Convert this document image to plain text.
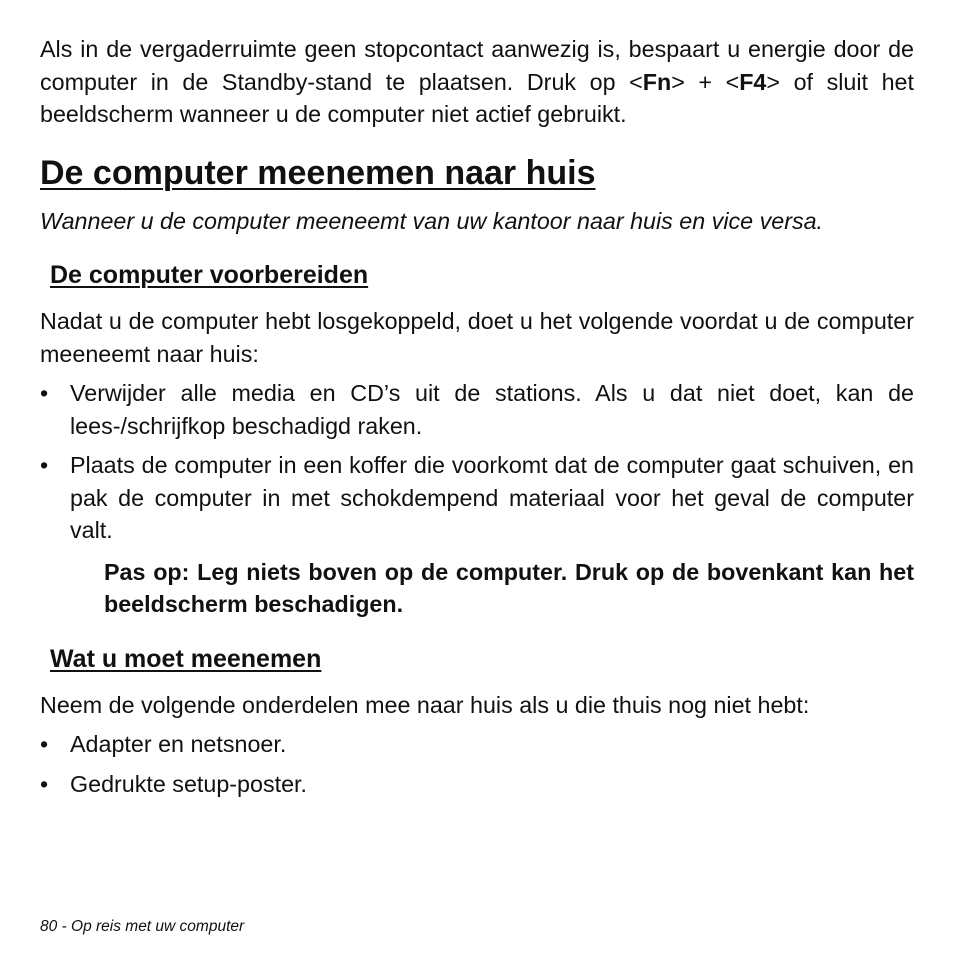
Als in de vergaderruimte geen stopcontact aanwezig is, bespaart u energie door de computer in de Standby-stand te plaatsen. Druk op <Fn> + <F4> of sluit het beeldscherm wanneer u de computer niet actief gebruikt.

De computer meenemen naar huis

Wanneer u de computer meeneemt van uw kantoor naar huis en vice versa.

De computer voorbereiden

Nadat u de computer hebt losgekoppeld, doet u het volgende voordat u de computer meeneemt naar huis:

• Verwijder alle media en CD’s uit de stations. Als u dat niet doet, kan de lees-/schrijfkop beschadigd raken.
• Plaats de computer in een koffer die voorkomt dat de computer gaat schuiven, en pak de computer in met schokdempend materiaal voor het geval de computer valt.

Pas op: Leg niets boven op de computer. Druk op de bovenkant kan het beeldscherm beschadigen.

Wat u moet meenemen

Neem de volgende onderdelen mee naar huis als u die thuis nog niet hebt:

• Adapter en netsnoer.
• Gedrukte setup-poster.
80 - Op reis met uw computer
